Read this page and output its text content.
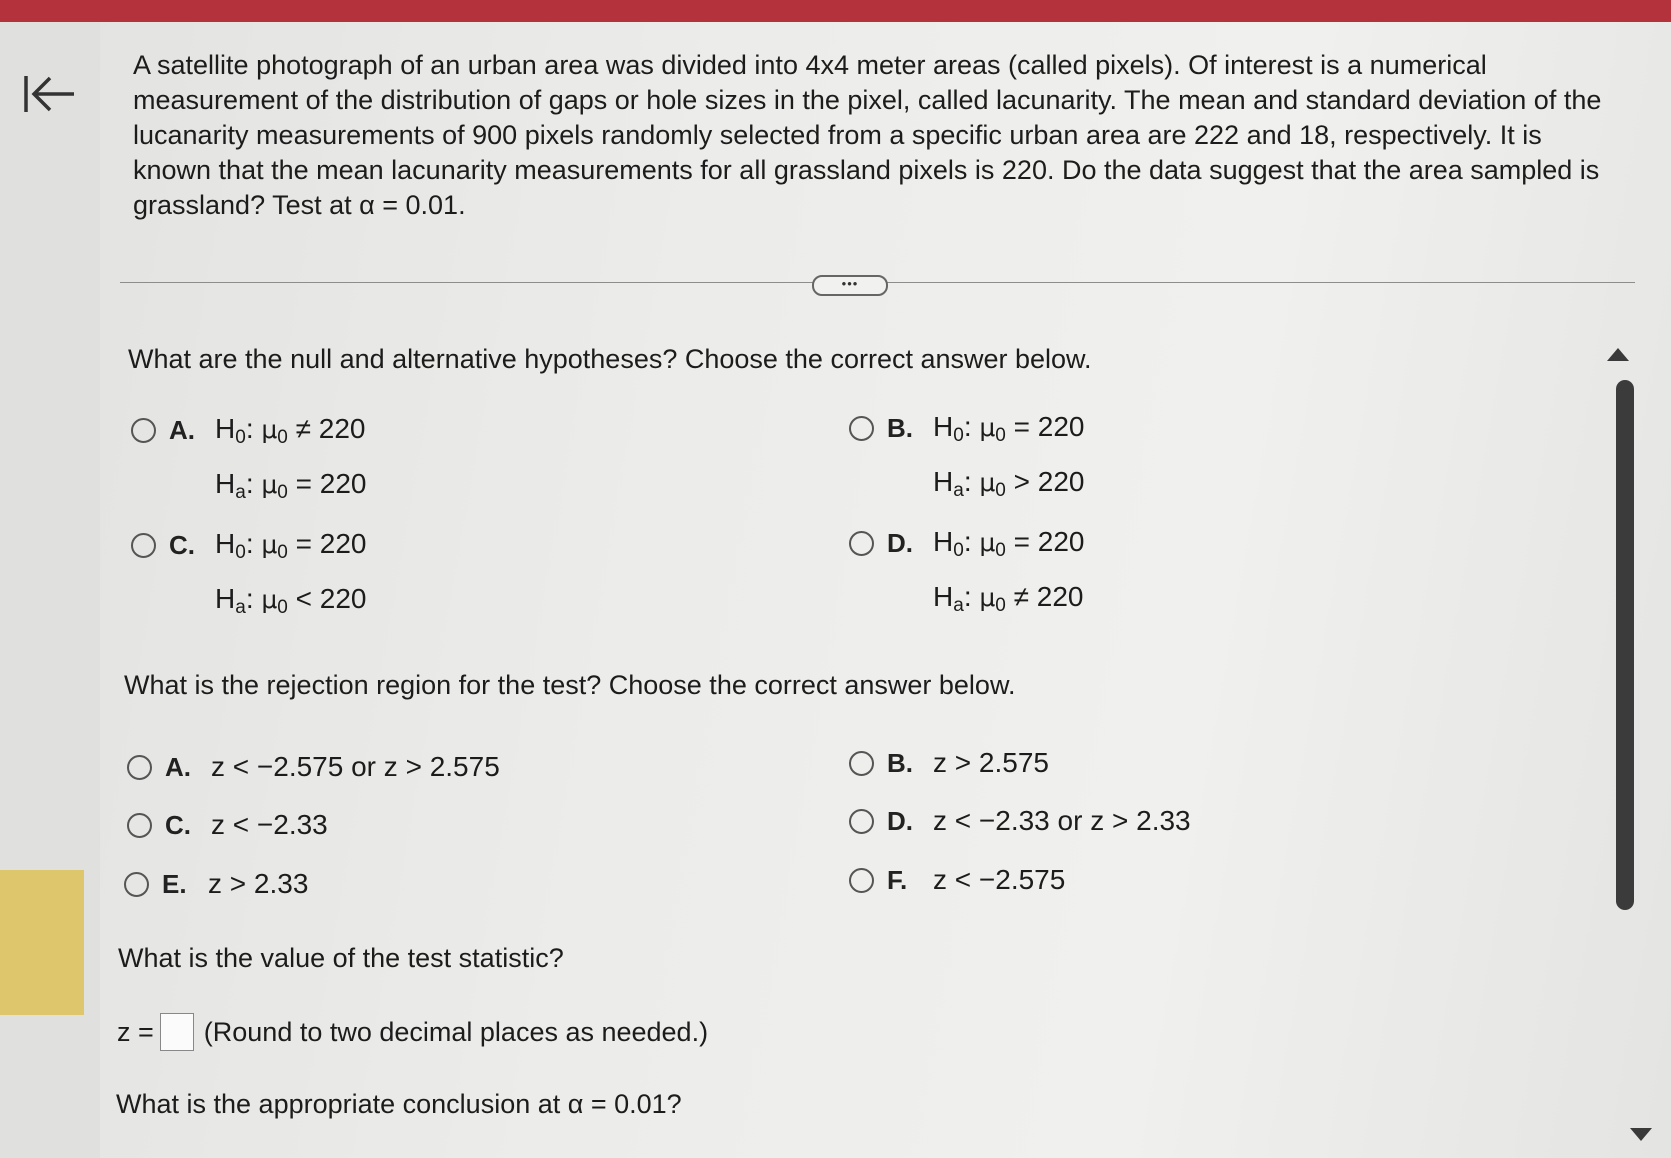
A satellite photograph of an urban area was divided into 4x4 meter areas (called pixels). Of interest is a numerical measurement of the distribution of gaps or hole sizes in the pixel, called lacunarity. The mean and standard deviation of the lucanarity measurements of 900 pixels randomly selected from a specific urban area are 222 and 18, respectively. It is known that the mean lacunarity measurements for all grassland pixels is 220. Do the data suggest that the area sampled is grassland? Test at α = 0.01.
•••
What are the null and alternative hypotheses? Choose the correct answer below.
A. $H_0$: $\mu_0 \ne 220$
$H_a$: $\mu_0 = 220$
B. $H_0$: $\mu_0 = 220$
$H_a$: $\mu_0 > 220$
C. $H_0$: $\mu_0 = 220$
$H_a$: $\mu_0 < 220$
D. $H_0$: $\mu_0 = 220$
$H_a$: $\mu_0 \ne 220$
What is the rejection region for the test? Choose the correct answer below.
A. z < −2.575 or z > 2.575	B. z > 2.575
C. z < −2.33	D. z < −2.33 or z > 2.33
E. z > 2.33	F. z < −2.575
What is the value of the test statistic?
z = (Round to two decimal places as needed.)
What is the appropriate conclusion at α = 0.01?
